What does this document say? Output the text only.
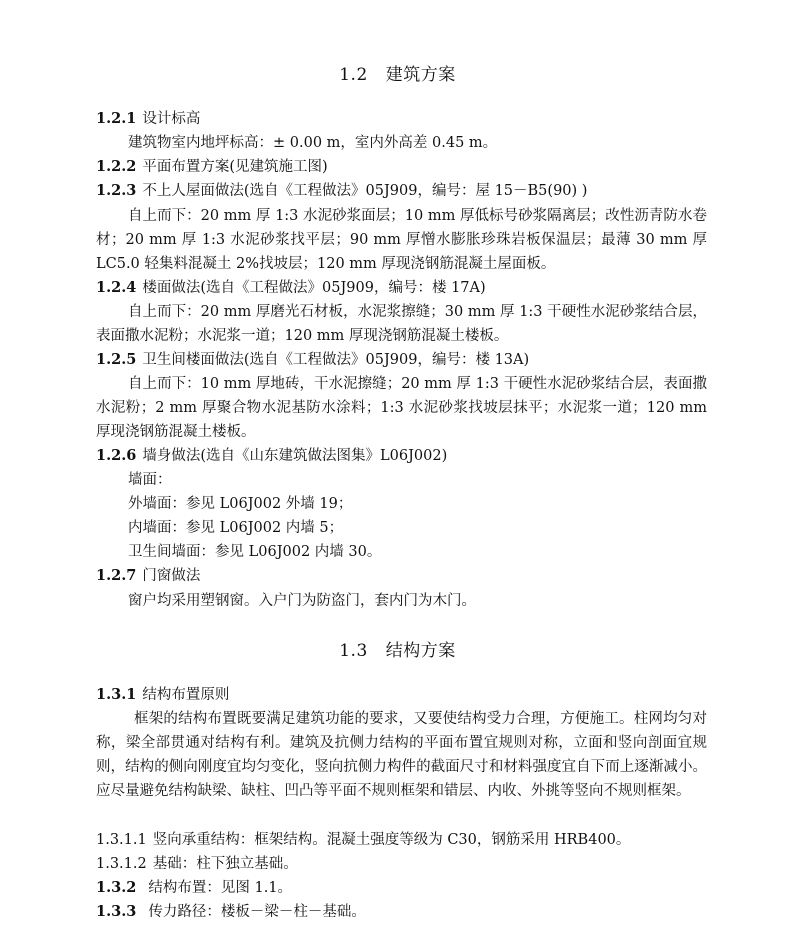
1.2 建筑方案
1.2.1 设计标高
建筑物室内地坪标高：± 0.00 m，室内外高差 0.45 m。
1.2.2 平面布置方案(见建筑施工图)
1.2.3 不上人屋面做法(选自《工程做法》05J909，编号：屋 15－B5(90) )
自上而下：20 mm 厚 1:3 水泥砂浆面层；10 mm 厚低标号砂浆隔离层；改性沥青防水卷材；20 mm 厚 1:3 水泥砂浆找平层；90 mm 厚憎水膨胀珍珠岩板保温层；最薄 30 mm 厚 LC5.0 轻集料混凝土 2%找坡层；120 mm 厚现浇钢筋混凝土屋面板。
1.2.4 楼面做法(选自《工程做法》05J909，编号：楼 17A)
自上而下：20 mm 厚磨光石材板，水泥浆擦缝；30 mm 厚 1:3 干硬性水泥砂浆结合层，表面撒水泥粉；水泥浆一道；120 mm 厚现浇钢筋混凝土楼板。
1.2.5 卫生间楼面做法(选自《工程做法》05J909，编号：楼 13A)
自上而下：10 mm 厚地砖，干水泥擦缝；20 mm 厚 1:3 干硬性水泥砂浆结合层，表面撒水泥粉；2 mm 厚聚合物水泥基防水涂料；1:3 水泥砂浆找坡层抹平；水泥浆一道；120 mm 厚现浇钢筋混凝土楼板。
1.2.6 墙身做法(选自《山东建筑做法图集》L06J002)
墙面：
外墙面：参见 L06J002 外墙 19；
内墙面：参见 L06J002 内墙 5；
卫生间墙面：参见 L06J002 内墙 30。
1.2.7 门窗做法
窗户均采用塑钢窗。入户门为防盗门，套内门为木门。
1.3 结构方案
1.3.1 结构布置原则
框架的结构布置既要满足建筑功能的要求，又要使结构受力合理，方便施工。柱网均匀对称，梁全部贯通对结构有利。建筑及抗侧力结构的平面布置宜规则对称，立面和竖向剖面宜规则，结构的侧向刚度宜均匀变化，竖向抗侧力构件的截面尺寸和材料强度宜自下而上逐渐减小。应尽量避免结构缺梁、缺柱、凹凸等平面不规则框架和错层、内收、外挑等竖向不规则框架。
1.3.1.1 竖向承重结构：框架结构。混凝土强度等级为 C30，钢筋采用 HRB400。
1.3.1.2 基础：柱下独立基础。
1.3.2 结构布置：见图 1.1。
1.3.3 传力路径：楼板－梁－柱－基础。
